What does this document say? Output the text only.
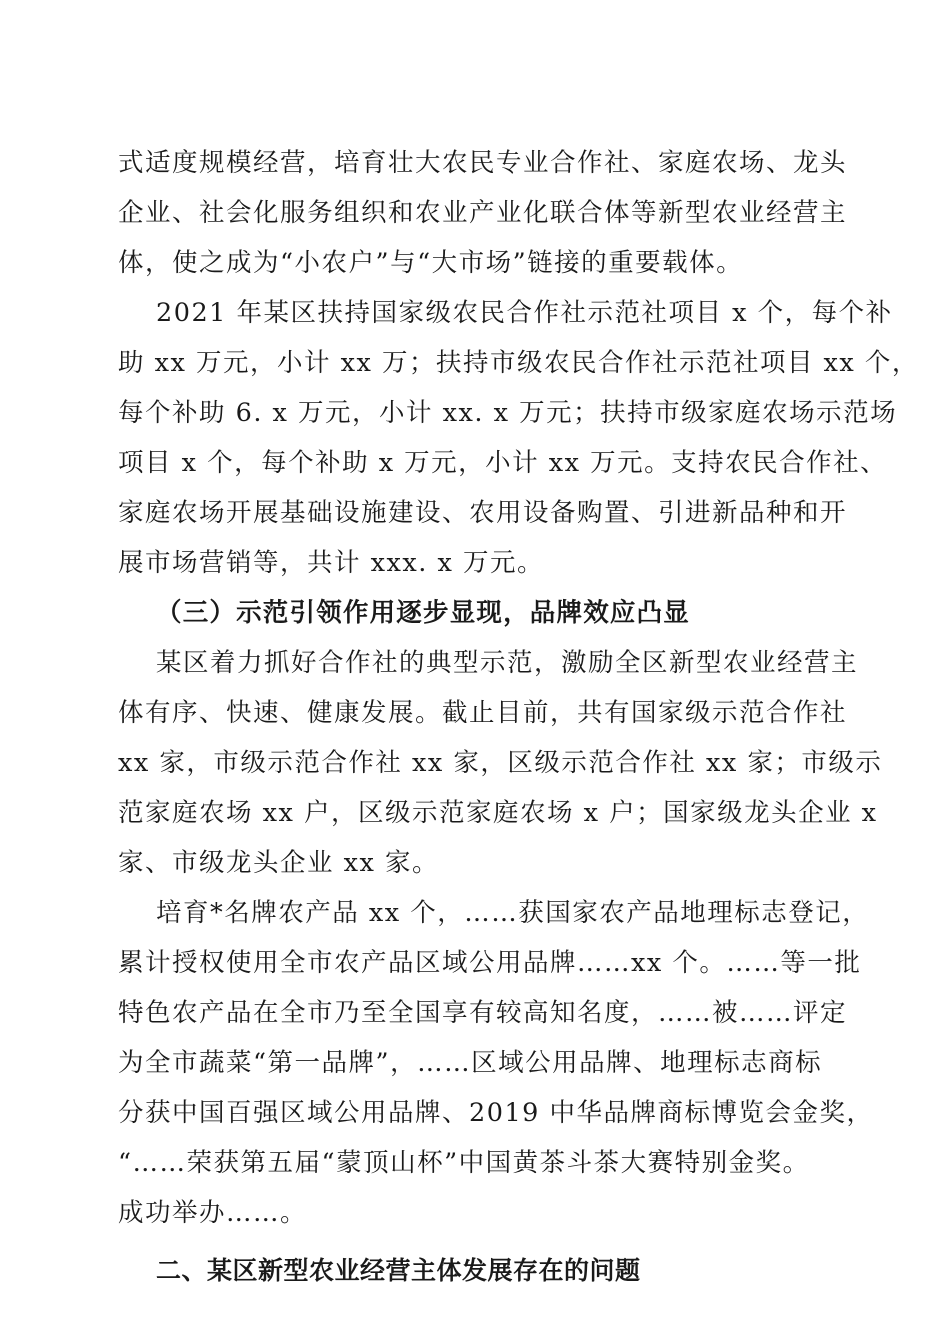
式适度规模经营，培育壮大农民专业合作社、家庭农场、龙头
企业、社会化服务组织和农业产业化联合体等新型农业经营主
体，使之成为“小农户”与“大市场”链接的重要载体。

2021 年某区扶持国家级农民合作社示范社项目 x 个，每个补
助 xx 万元，小计 xx 万；扶持市级农民合作社示范社项目 xx 个，
每个补助 6. x 万元，小计 xx. x 万元；扶持市级家庭农场示范场
项目 x 个，每个补助 x 万元，小计 xx 万元。支持农民合作社、
家庭农场开展基础设施建设、农用设备购置、引进新品种和开
展市场营销等，共计 xxx. x 万元。

（三）示范引领作用逐步显现，品牌效应凸显

某区着力抓好合作社的典型示范，激励全区新型农业经营主
体有序、快速、健康发展。截止目前，共有国家级示范合作社
xx 家，市级示范合作社 xx 家，区级示范合作社 xx 家；市级示
范家庭农场 xx 户，区级示范家庭农场 x 户；国家级龙头企业 x
家、市级龙头企业 xx 家。

培育*名牌农产品 xx 个，……获国家农产品地理标志登记，
累计授权使用全市农产品区域公用品牌……xx 个。……等一批
特色农产品在全市乃至全国享有较高知名度，……被……评定
为全市蔬菜“第一品牌”，……区域公用品牌、地理标志商标
分获中国百强区域公用品牌、2019 中华品牌商标博览会金奖，
“……荣获第五届“蒙顶山杯”中国黄茶斗茶大赛特别金奖。
成功举办……。

二、某区新型农业经营主体发展存在的问题
